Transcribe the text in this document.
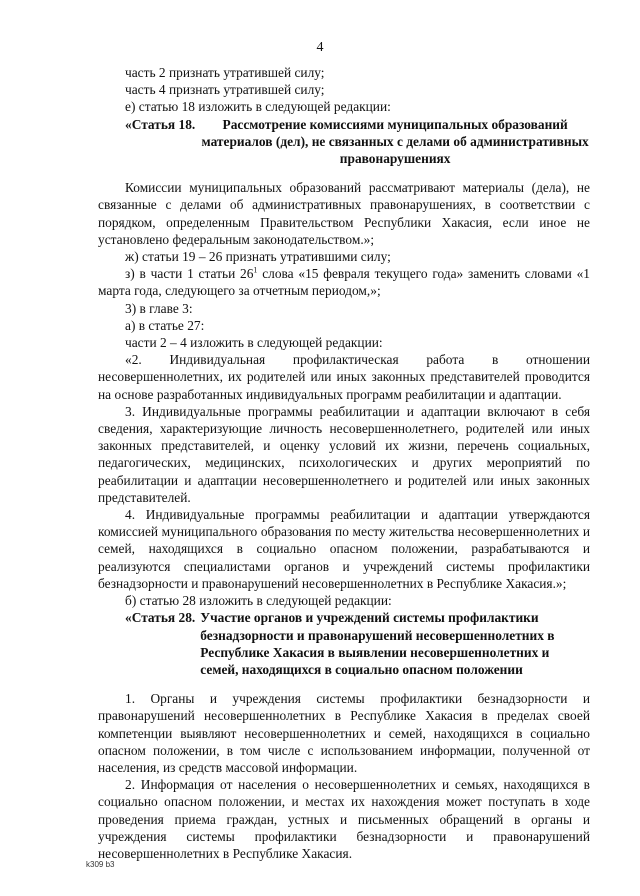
4

часть 2 признать утратившей силу;

часть 4 признать утратившей силу;

е) статью 18 изложить в следующей редакции:

«Статья 18.	Рассмотрение комиссиями муниципальных образований материалов (дел), не связанных с делами об административных правонарушениях

Комиссии муниципальных образований рассматривают материалы (дела), не связанные с делами об административных правонарушениях, в соответствии с порядком, определенным Правительством Республики Хакасия, если иное не установлено федеральным законодательством.»;

ж) статьи 19 – 26 признать утратившими силу;

з) в части 1 статьи $26^1$ слова «15 февраля текущего года» заменить словами «1 марта года, следующего за отчетным периодом,»;

3) в главе 3:

а) в статье 27:

части 2 – 4 изложить в следующей редакции:

«2. Индивидуальная профилактическая работа в отношении несовершеннолетних, их родителей или иных законных представителей проводится на основе разработанных индивидуальных программ реабилитации и адаптации.

3. Индивидуальные программы реабилитации и адаптации включают в себя сведения, характеризующие личность несовершеннолетнего, родителей или иных законных представителей, и оценку условий их жизни, перечень социальных, педагогических, медицинских, психологических и других мероприятий по реабилитации и адаптации несовершеннолетнего и родителей или иных законных представителей.

4. Индивидуальные программы реабилитации и адаптации утверждаются комиссией муниципального образования по месту жительства несовершеннолетних и семей, находящихся в социально опасном положении, разрабатываются и реализуются специалистами органов и учреждений системы профилактики безнадзорности и правонарушений несовершеннолетних в Республике Хакасия.»;

б) статью 28 изложить в следующей редакции:

«Статья 28. Участие органов и учреждений системы профилактики безнадзорности и правонарушений несовершеннолетних в Республике Хакасия в выявлении несовершеннолетних и семей, находящихся в социально опасном положении

1. Органы и учреждения системы профилактики безнадзорности и правонарушений несовершеннолетних в Республике Хакасия в пределах своей компетенции выявляют несовершеннолетних и семей, находящихся в социально опасном положении, в том числе с использованием информации, полученной от населения, из средств массовой информации.

2. Информация от населения о несовершеннолетних и семьях, находящихся в социально опасном положении, и местах их нахождения может поступать в ходе проведения приема граждан, устных и письменных обращений в органы и учреждения системы профилактики безнадзорности и правонарушений несовершеннолетних в Республике Хакасия.

k309 b3
